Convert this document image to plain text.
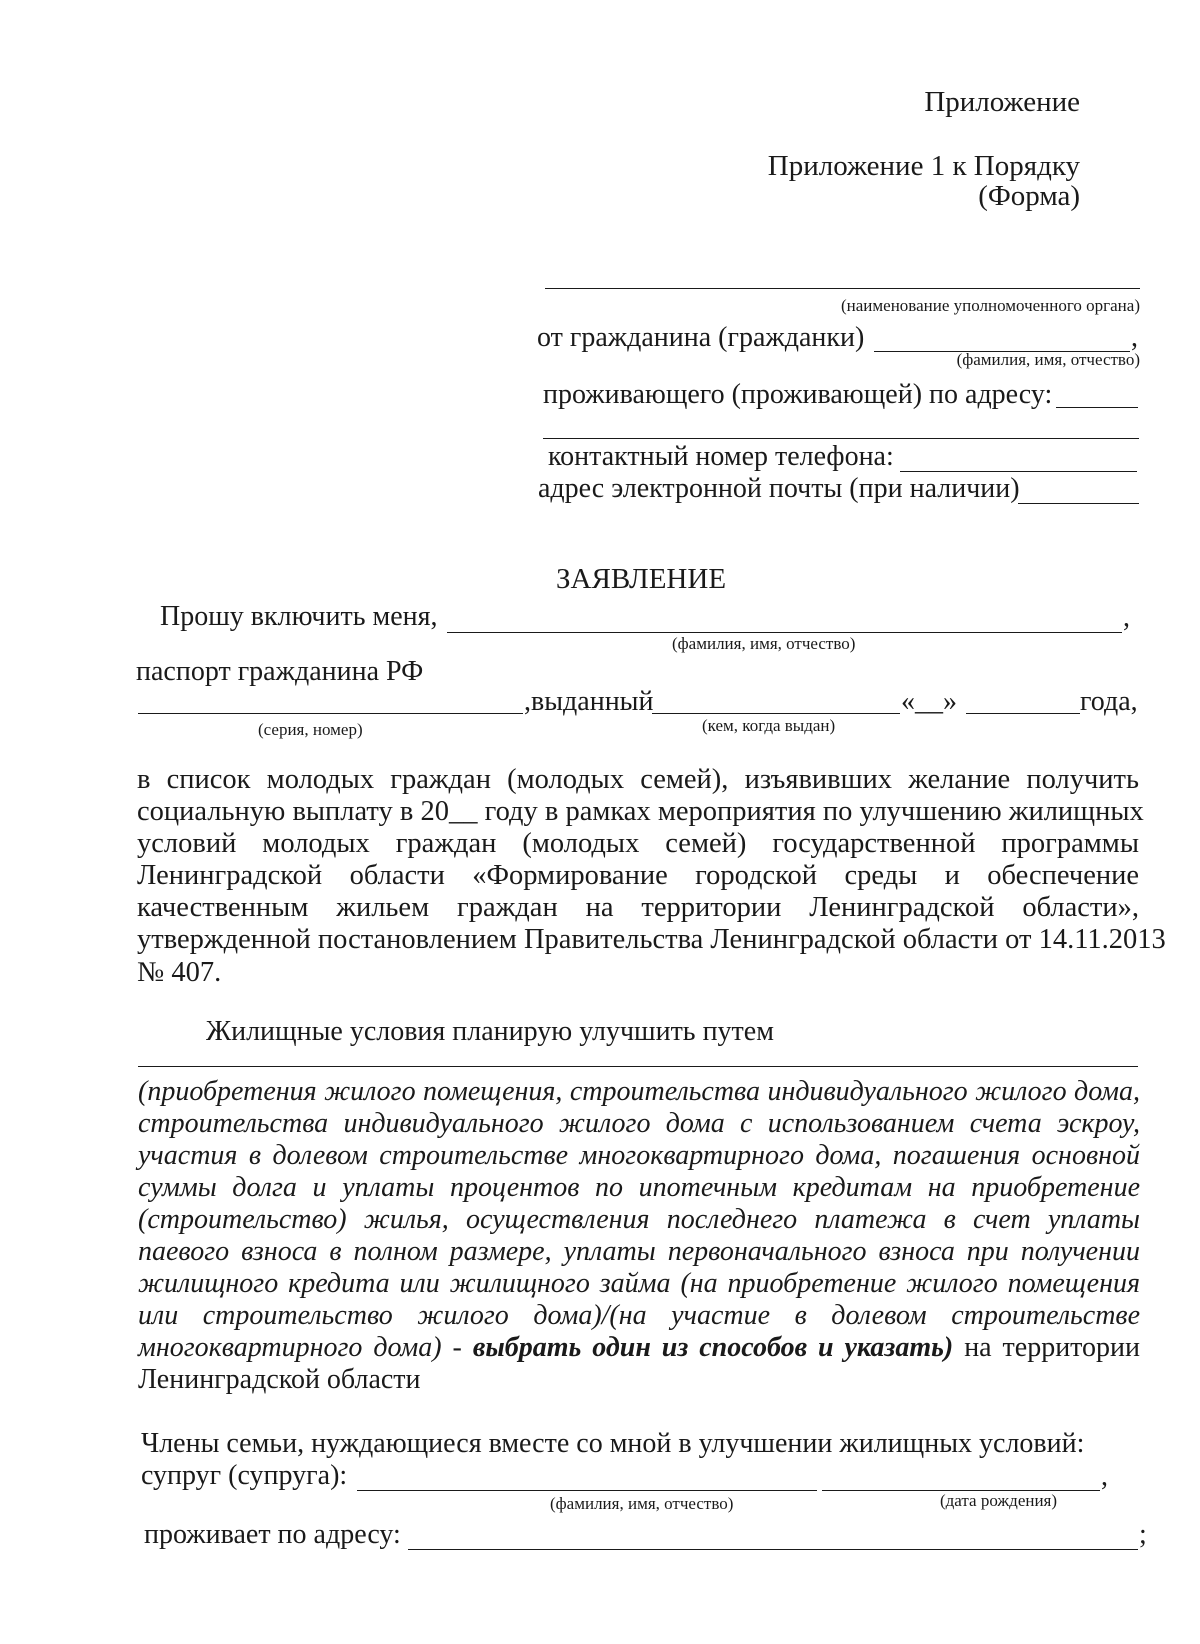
Приложение
Приложение 1 к Порядку
(Форма)
(наименование уполномоченного органа)
от гражданина (гражданки)	,
(фамилия, имя, отчество)
проживающего (проживающей) по адресу:
контактный номер телефона:
адрес электронной почты (при наличии)
ЗАЯВЛЕНИЕ
Прошу включить меня,	,
(фамилия, имя, отчество)
паспорт гражданина РФ
,выданный	«__»	года,
(серия, номер)	(кем, когда выдан)
в список молодых граждан (молодых семей), изъявивших желание получить
социальную выплату в 20__ году в рамках мероприятия по улучшению жилищных
условий молодых граждан (молодых семей) государственной программы
Ленинградской области «Формирование городской среды и обеспечение
качественным жильем граждан на территории Ленинградской области»,
утвержденной постановлением Правительства Ленинградской области от 14.11.2013
№ 407.
Жилищные условия планирую улучшить путем
(приобретения жилого помещения, строительства индивидуального жилого дома,
строительства индивидуального жилого дома с использованием счета эскроу,
участия в долевом строительстве многоквартирного дома, погашения основной
суммы долга и уплаты процентов по ипотечным кредитам на приобретение
(строительство) жилья, осуществления последнего платежа в счет уплаты
паевого взноса в полном размере, уплаты первоначального взноса при получении
жилищного кредита или жилищного займа (на приобретение жилого помещения
или строительство жилого дома)/(на участие в долевом строительстве
многоквартирного дома) - выбрать один из способов и указать) на территории
Ленинградской области
Члены семьи, нуждающиеся вместе со мной в улучшении жилищных условий:
супруг (супруга):	,
(фамилия, имя, отчество)	(дата рождения)
проживает по адресу:	;
